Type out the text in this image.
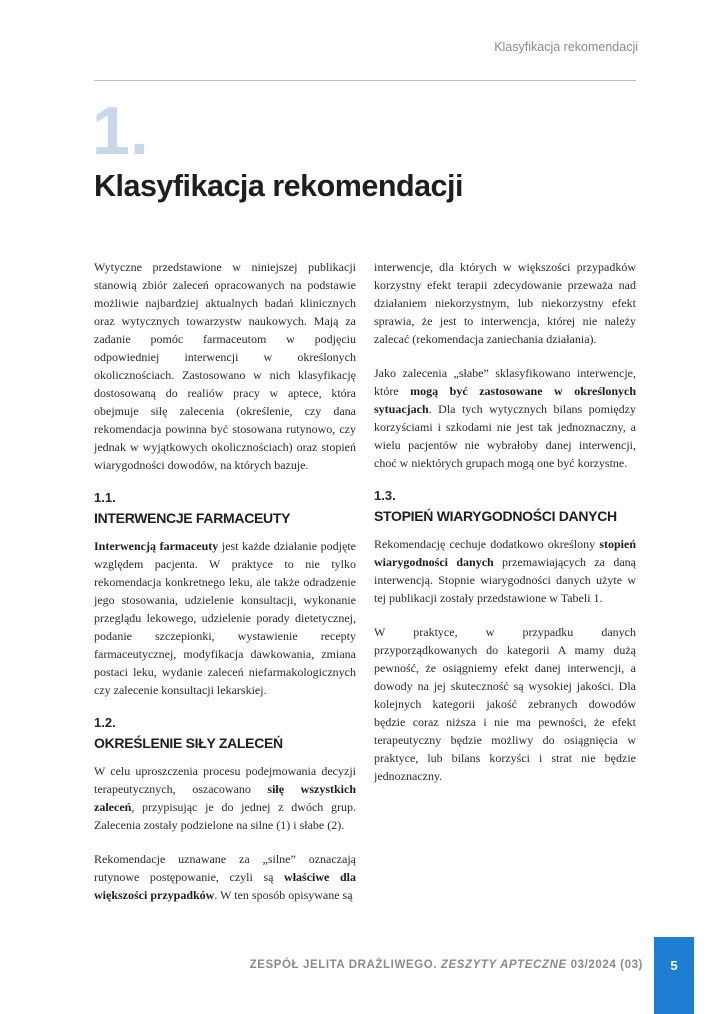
Klasyfikacja rekomendacji
1.
Klasyfikacja rekomendacji

Wytyczne przedstawione w niniejszej publikacji stanowią zbiór zaleceń opracowanych na podstawie możliwie najbardziej aktualnych badań klinicznych oraz wytycznych towarzystw naukowych. Mają za zadanie pomóc farmaceutom w podjęciu odpowiedniej interwencji w określonych okolicznościach. Zastosowano w nich klasyfikację dostosowaną do realiów pracy w aptece, która obejmuje siłę zalecenia (określenie, czy dana rekomendacja powinna być stosowana rutynowo, czy jednak w wyjątkowych okolicznościach) oraz stopień wiarygodności dowodów, na których bazuje.

1.1.
INTERWENCJE FARMACEUTY

Interwencją farmaceuty jest każde działanie podjęte względem pacjenta. W praktyce to nie tylko rekomendacja konkretnego leku, ale także odradzenie jego stosowania, udzielenie konsultacji, wykonanie przeglądu lekowego, udzielenie porady dietetycznej, podanie szczepionki, wystawienie recepty farmaceutycznej, modyfikacja dawkowania, zmiana postaci leku, wydanie zaleceń niefarmakologicznych czy zalecenie konsultacji lekarskiej.

1.2.
OKREŚLENIE SIŁY ZALECEŃ

W celu uproszczenia procesu podejmowania decyzji terapeutycznych, oszacowano siłę wszystkich zaleceń, przypisując je do jednej z dwóch grup. Zalecenia zostały podzielone na silne (1) i słabe (2).

Rekomendacje uznawane za „silne” oznaczają rutynowe postępowanie, czyli są właściwe dla większości przypadków. W ten sposób opisywane są

interwencje, dla których w większości przypadków korzystny efekt terapii zdecydowanie przeważa nad działaniem niekorzystnym, lub niekorzystny efekt sprawia, że jest to interwencja, której nie należy zalecać (rekomendacja zaniechania działania).

Jako zalecenia „słabe” sklasyfikowano interwencje, które mogą być zastosowane w określonych sytuacjach. Dla tych wytycznych bilans pomiędzy korzyściami i szkodami nie jest tak jednoznaczny, a wielu pacjentów nie wybrałoby danej interwencji, choć w niektórych grupach mogą one być korzystne.

1.3.
STOPIEŃ WIARYGODNOŚCI DANYCH

Rekomendację cechuje dodatkowo określony stopień wiarygodności danych przemawiających za daną interwencją. Stopnie wiarygodności danych użyte w tej publikacji zostały przedstawione w Tabeli 1.

W praktyce, w przypadku danych przyporządkowanych do kategorii A mamy dużą pewność, że osiągniemy efekt danej interwencji, a dowody na jej skuteczność są wysokiej jakości. Dla kolejnych kategorii jakość zebranych dowodów będzie coraz niższa i nie ma pewności, że efekt terapeutyczny będzie możliwy do osiągnięcia w praktyce, lub bilans korzyści i strat nie będzie jednoznaczny.

ZESPÓŁ JELITA DRAŻLIWEGO. ZESZYTY APTECZNE 03/2024 (03)	5
